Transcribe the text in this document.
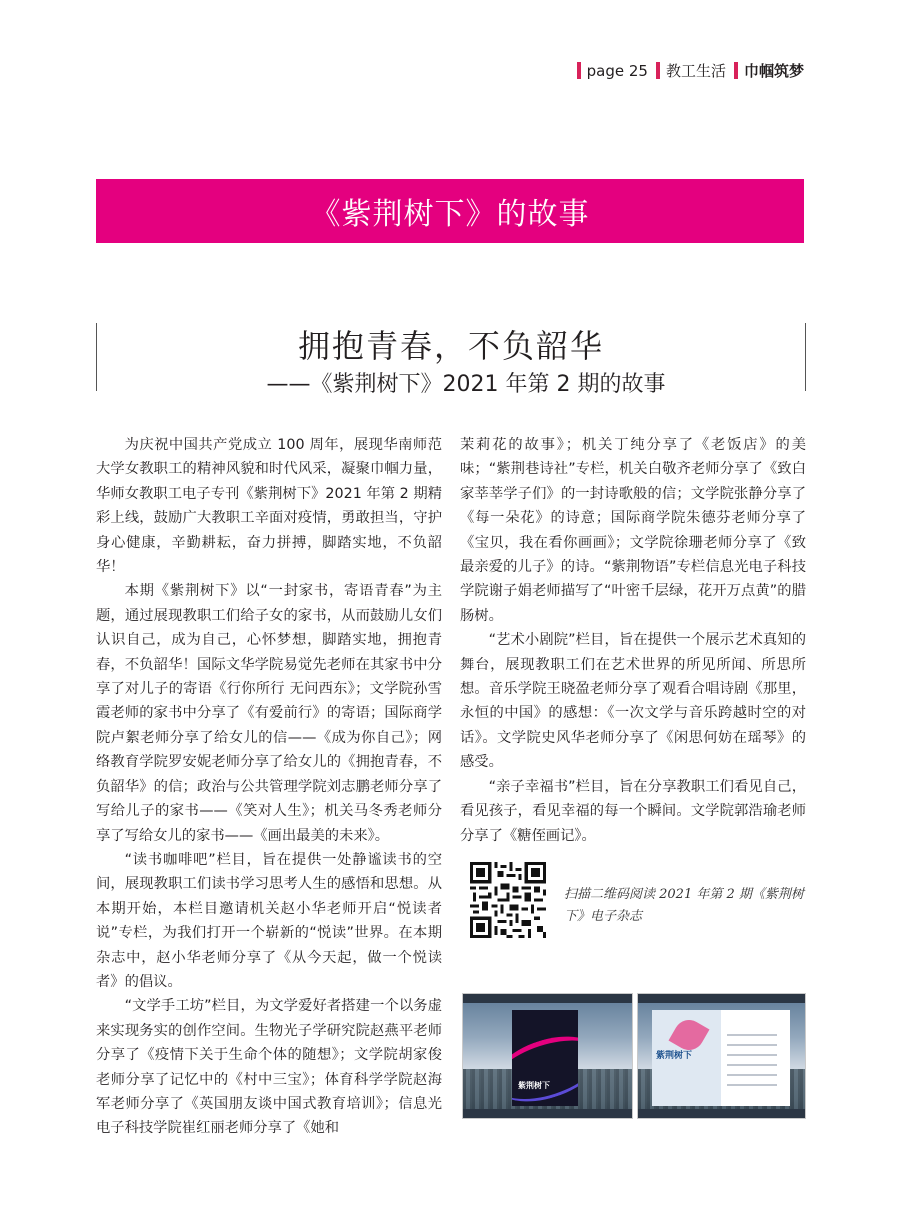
page 25 教工生活 巾帼筑梦
《紫荆树下》的故事
拥抱青春，不负韶华
——《紫荆树下》2021 年第 2 期的故事

为庆祝中国共产党成立 100 周年，展现华南师范大学女教职工的精神风貌和时代风采，凝聚巾帼力量，华师女教职工电子专刊《紫荆树下》2021 年第 2 期精彩上线，鼓励广大教职工辛面对疫情，勇敢担当，守护身心健康，辛勤耕耘，奋力拼搏，脚踏实地，不负韶华！

本期《紫荆树下》以“一封家书，寄语青春”为主题，通过展现教职工们给子女的家书，从而鼓励儿女们认识自己，成为自己，心怀梦想，脚踏实地，拥抱青春，不负韶华！国际文华学院易觉先老师在其家书中分享了对儿子的寄语《行你所行 无问西东》；文学院孙雪霞老师的家书中分享了《有爱前行》的寄语；国际商学院卢絮老师分享了给女儿的信——《成为你自己》；网络教育学院罗安妮老师分享了给女儿的《拥抱青春，不负韶华》的信；政治与公共管理学院刘志鹏老师分享了写给儿子的家书——《笑对人生》；机关马冬秀老师分享了写给女儿的家书——《画出最美的未来》。

“读书咖啡吧”栏目，旨在提供一处静谧读书的空间，展现教职工们读书学习思考人生的感悟和思想。从本期开始，本栏目邀请机关赵小华老师开启“悦读者说”专栏，为我们打开一个崭新的“悦读”世界。在本期杂志中，赵小华老师分享了《从今天起，做一个悦读者》的倡议。

“文学手工坊”栏目，为文学爱好者搭建一个以务虚来实现务实的创作空间。生物光子学研究院赵燕平老师分享了《疫情下关于生命个体的随想》；文学院胡家俊老师分享了记忆中的《村中三宝》；体育科学学院赵海军老师分享了《英国朋友谈中国式教育培训》；信息光电子科技学院崔红丽老师分享了《她和

茉莉花的故事》；机关丁纯分享了《老饭店》的美味；“紫荆巷诗社”专栏，机关白敬齐老师分享了《致白家莘莘学子们》的一封诗歌般的信；文学院张静分享了《每一朵花》的诗意；国际商学院朱德芬老师分享了《宝贝，我在看你画画》；文学院徐珊老师分享了《致最亲爱的儿子》的诗。“紫荆物语”专栏信息光电子科技学院谢子娟老师描写了“叶密千层绿，花开万点黄”的腊肠树。

“艺术小剧院”栏目，旨在提供一个展示艺术真知的舞台，展现教职工们在艺术世界的所见所闻、所思所想。音乐学院王晓盈老师分享了观看合唱诗剧《那里，永恒的中国》的感想：《一次文学与音乐跨越时空的对话》。文学院史风华老师分享了《闲思何妨在瑶琴》的感受。

“亲子幸福书”栏目，旨在分享教职工们看见自己，看见孩子，看见幸福的每一个瞬间。文学院郭浩瑜老师分享了《糖侄画记》。

扫描二维码阅读 2021 年第 2 期《紫荆树下》电子杂志
紫荆树下
紫荆树下
